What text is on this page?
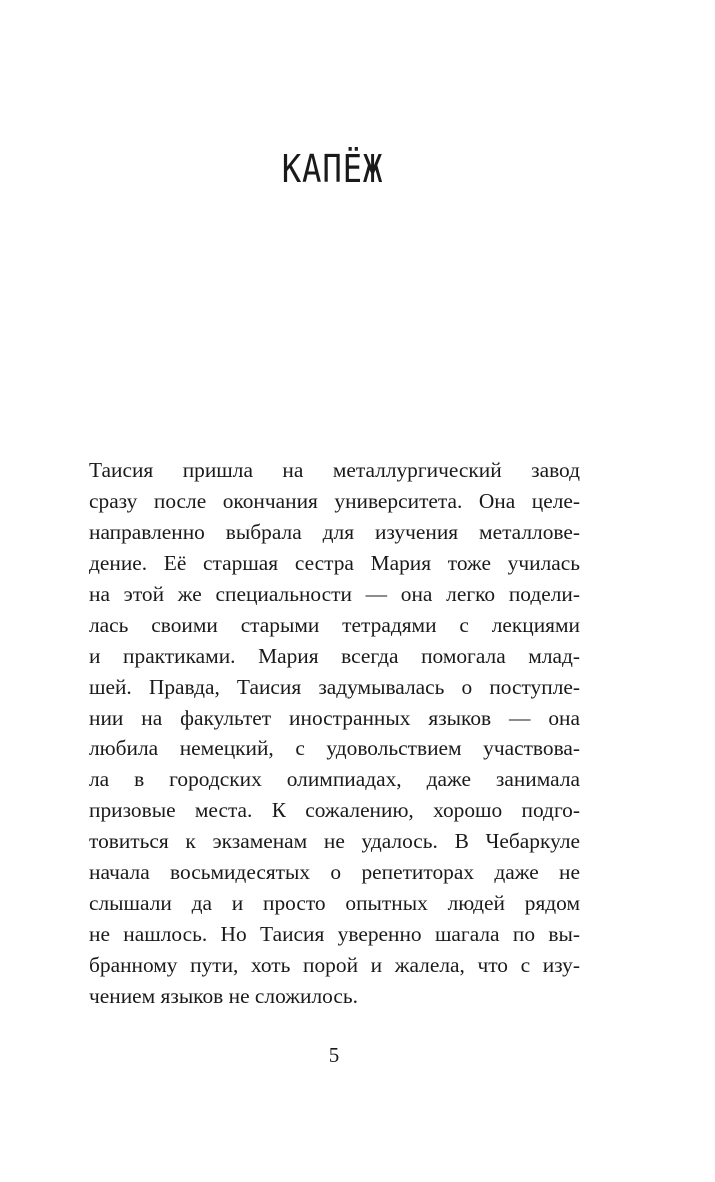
КАПЁЖ
Таисия пришла на металлургический завод
сразу после окончания университета. Она целе-
направленно выбрала для изучения металлове-
дение. Её старшая сестра Мария тоже училась
на этой же специальности — она легко подели-
лась своими старыми тетрадями с лекциями
и практиками. Мария всегда помогала млад-
шей. Правда, Таисия задумывалась о поступле-
нии на факультет иностранных языков — она
любила немецкий, с удовольствием участвова-
ла в городских олимпиадах, даже занимала
призовые места. К сожалению, хорошо подго-
товиться к экзаменам не удалось. В Чебаркуле
начала восьмидесятых о репетиторах даже не
слышали да и просто опытных людей рядом
не нашлось. Но Таисия уверенно шагала по вы-
бранному пути, хоть порой и жалела, что с изу-
чением языков не сложилось.
5
